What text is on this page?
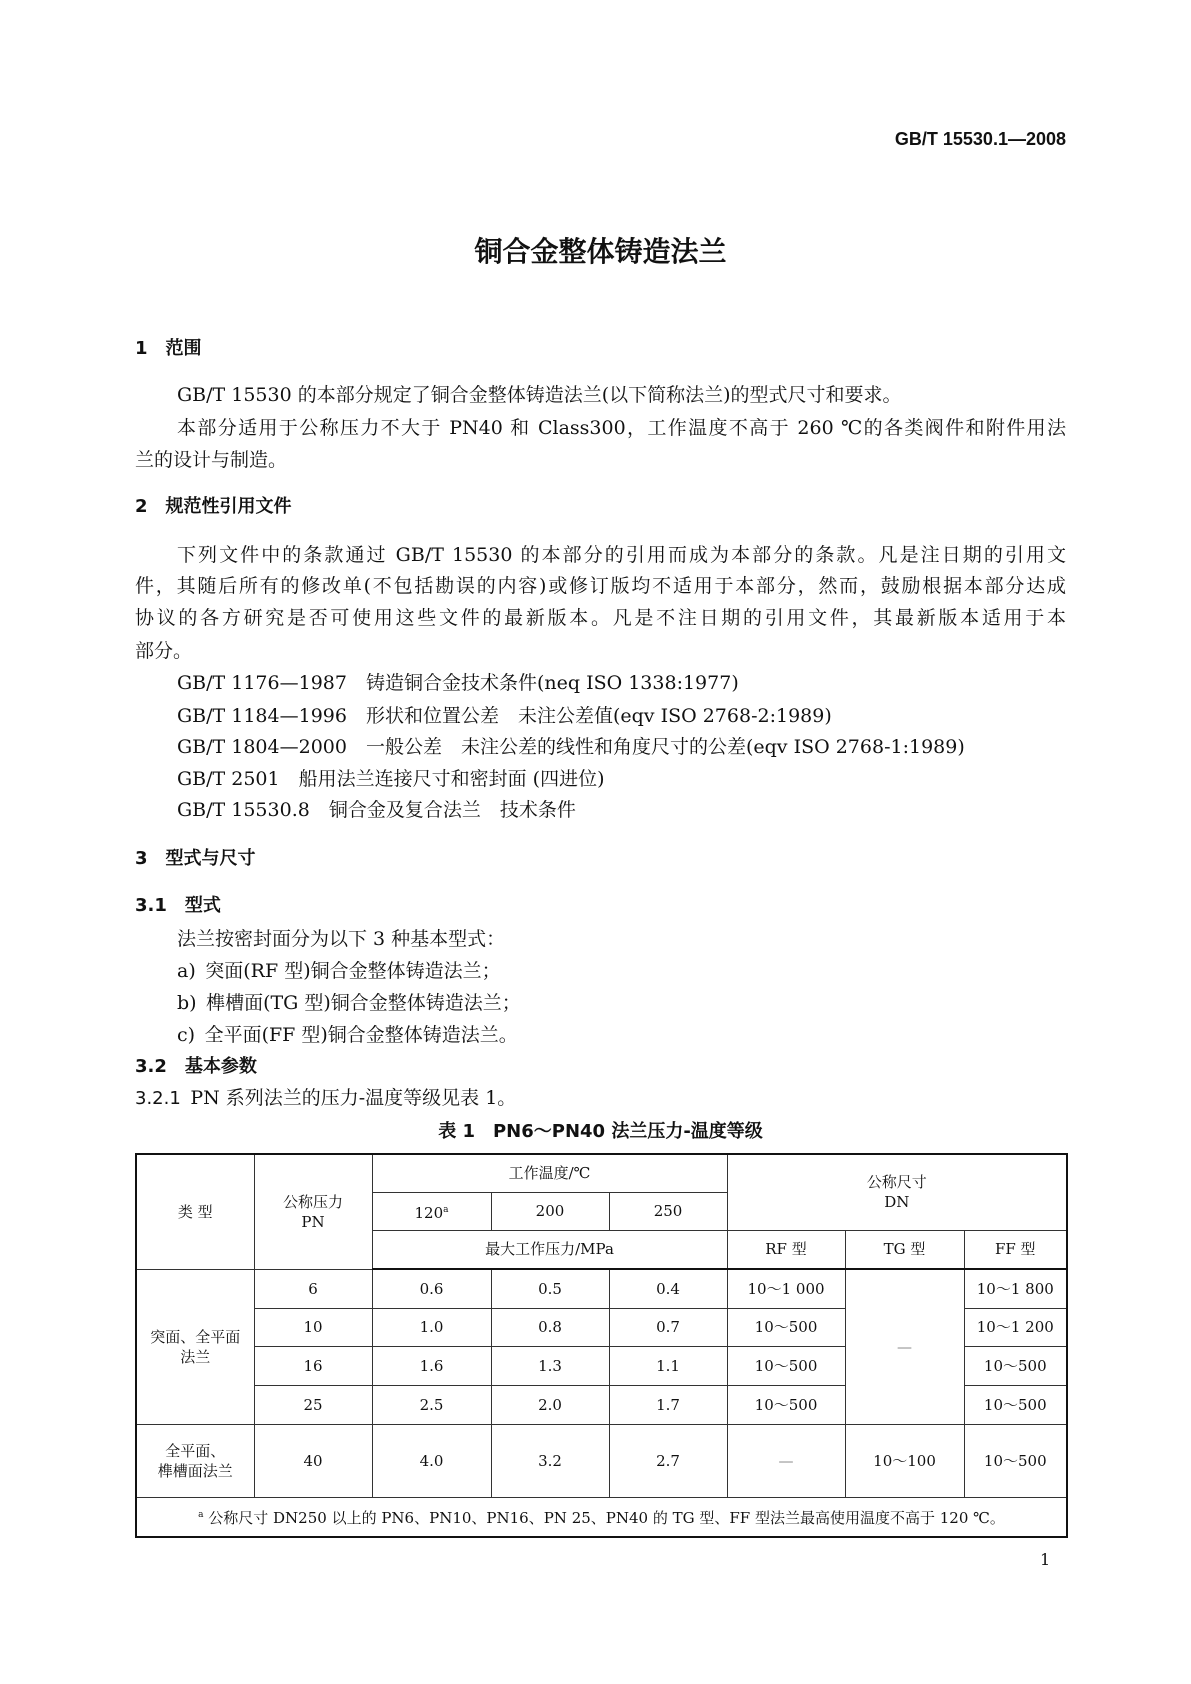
GB/T 15530.1—2008
铜合金整体铸造法兰
1  范围
GB/T 15530 的本部分规定了铜合金整体铸造法兰(以下简称法兰)的型式尺寸和要求。
本部分适用于公称压力不大于 PN40 和 Class300，工作温度不高于 260 ℃的各类阀件和附件用法
兰的设计与制造。
2  规范性引用文件
下列文件中的条款通过 GB/T 15530 的本部分的引用而成为本部分的条款。凡是注日期的引用文
件，其随后所有的修改单(不包括勘误的内容)或修订版均不适用于本部分，然而，鼓励根据本部分达成
协议的各方研究是否可使用这些文件的最新版本。凡是不注日期的引用文件，其最新版本适用于本
部分。
GB/T 1176—1987　 铸造铜合金技术条件(neq ISO 1338:1977)
GB/T 1184—1996　 形状和位置公差　未注公差值(eqv ISO 2768-2:1989)
GB/T 1804—2000　 一般公差　未注公差的线性和角度尺寸的公差(eqv ISO 2768-1:1989)
GB/T 2501　 船用法兰连接尺寸和密封面 (四进位)
GB/T 15530.8　 铜合金及复合法兰　技术条件
3  型式与尺寸
3.1  型式
法兰按密封面分为以下 3 种基本型式：
a)  突面(RF 型)铜合金整体铸造法兰；
b)  榫槽面(TG 型)铜合金整体铸造法兰；
c)  全平面(FF 型)铜合金整体铸造法兰。
3.2  基本参数
3.2.1  PN 系列法兰的压力-温度等级见表 1。
表 1　PN6～PN40 法兰压力-温度等级
类 型	公称压力
PN	工作温度/℃			公称尺寸
DN		
		120$^a$	200	250			
		最大工作压力/MPa			RF 型	TG 型	FF 型
突面、全平面
法兰	6	0.6	0.5	0.4	10～1 000	—	10～1 800
	10	1.0	0.8	0.7	10～500		10～1 200
	16	1.6	1.3	1.1	10～500		10～500
	25	2.5	2.0	1.7	10～500		10～500
全平面、
榫槽面法兰	40	4.0	3.2	2.7	—	10～100	10～500
$^a$ 公称尺寸 DN250 以上的 PN6、PN10、PN16、PN 25、PN40 的 TG 型、FF 型法兰最高使用温度不高于 120 ℃。							
1
